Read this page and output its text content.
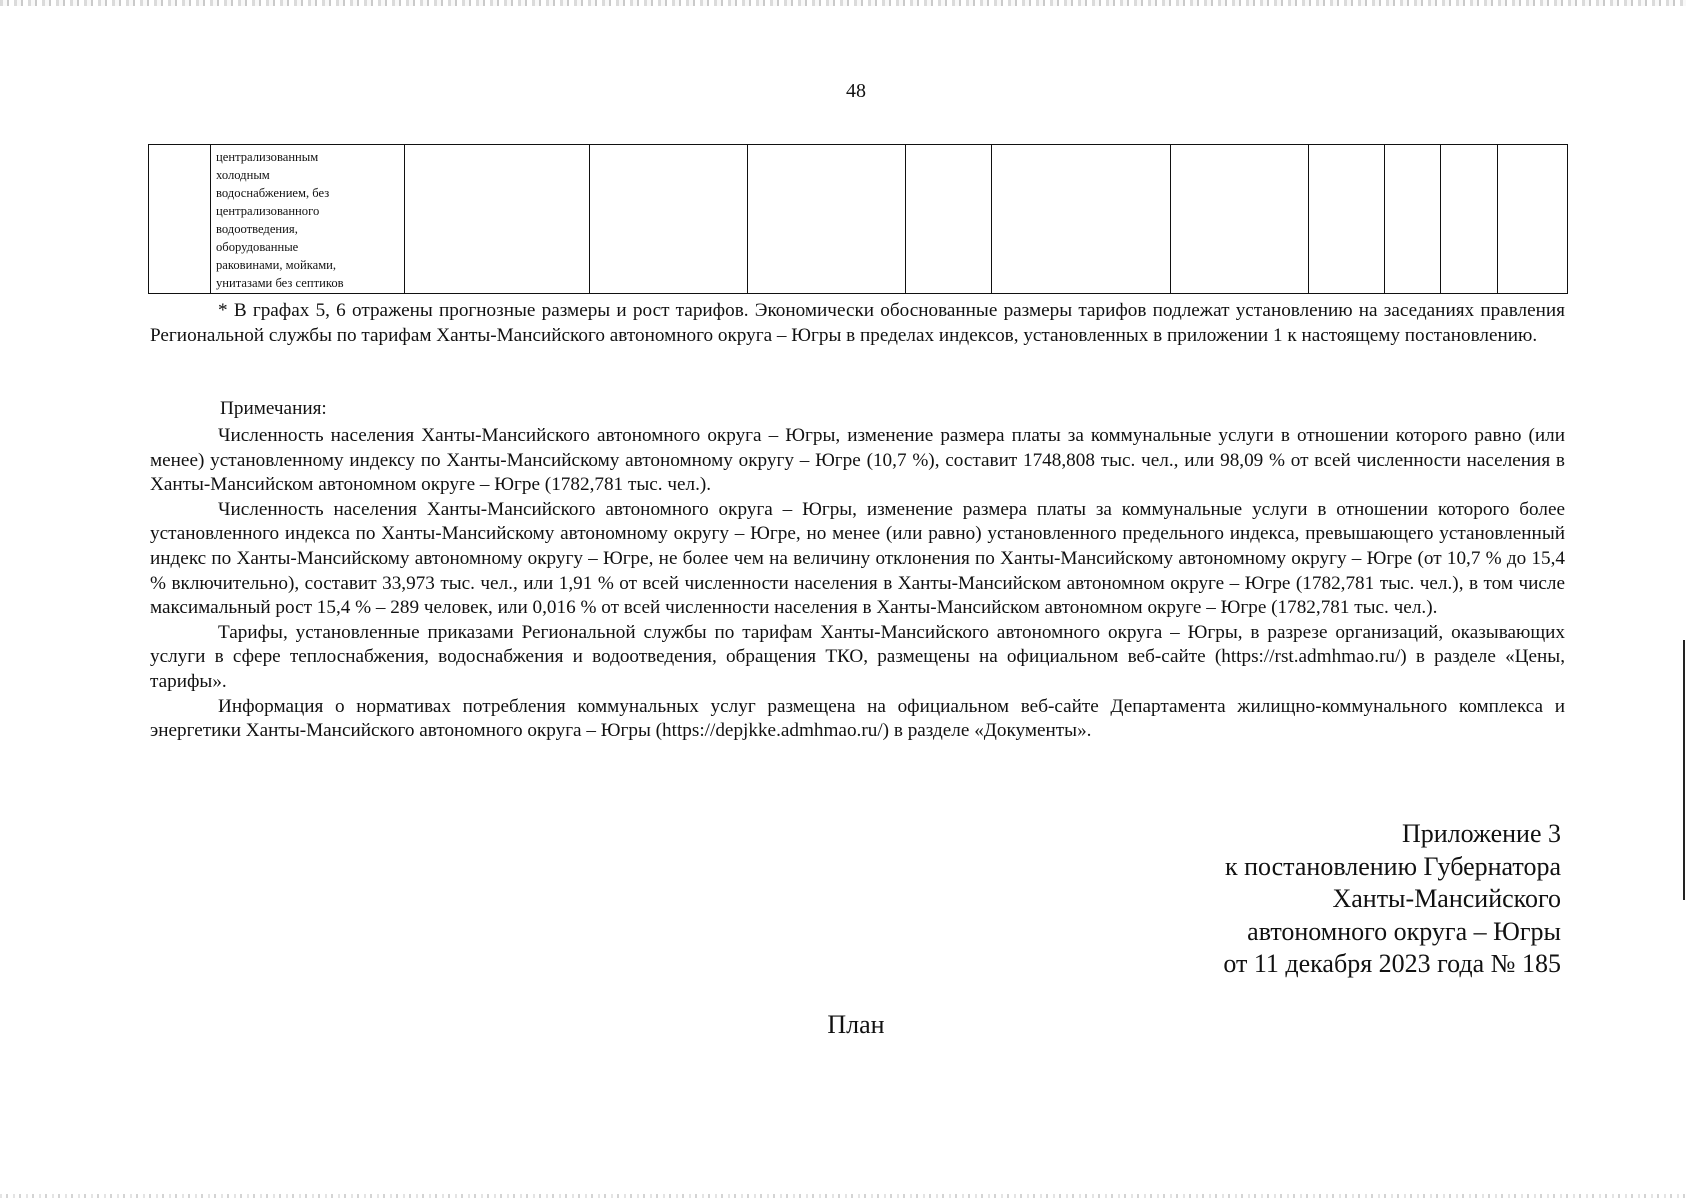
48

централизованным
холодным
водоснабжением, без
централизованного
водоотведения,
оборудованные
раковинами, мойками,
унитазами без септиков

* В графах 5, 6 отражены прогнозные размеры и рост тарифов. Экономически обоснованные размеры тарифов подлежат установлению на заседаниях правления Региональной службы по тарифам Ханты-Мансийского автономного округа – Югры в пределах индексов, установленных в приложении 1 к настоящему постановлению.

Примечания:

Численность населения Ханты-Мансийского автономного округа – Югры, изменение размера платы за коммунальные услуги в отношении которого равно (или менее) установленному индексу по Ханты-Мансийскому автономному округу – Югре (10,7 %), составит 1748,808 тыс. чел., или 98,09 % от всей численности населения в Ханты-Мансийском автономном округе – Югре (1782,781 тыс. чел.).

Численность населения Ханты-Мансийского автономного округа – Югры, изменение размера платы за коммунальные услуги в отношении которого более установленного индекса по Ханты-Мансийскому автономному округу – Югре, но менее (или равно) установленного предельного индекса, превышающего установленный индекс по Ханты-Мансийскому автономному округу – Югре, не более чем на величину отклонения по Ханты-Мансийскому автономному округу – Югре (от 10,7 % до 15,4 % включительно), составит 33,973 тыс. чел., или 1,91 % от всей численности населения в Ханты-Мансийском автономном округе – Югре (1782,781 тыс. чел.), в том числе максимальный рост 15,4 % – 289 человек, или 0,016 % от всей численности населения в Ханты-Мансийском автономном округе – Югре (1782,781 тыс. чел.).

Тарифы, установленные приказами Региональной службы по тарифам Ханты-Мансийского автономного округа – Югры, в разрезе организаций, оказывающих услуги в сфере теплоснабжения, водоснабжения и водоотведения, обращения ТКО, размещены на официальном веб-сайте (https://rst.admhmao.ru/) в разделе «Цены, тарифы».

Информация о нормативах потребления коммунальных услуг размещена на официальном веб-сайте Департамента жилищно-коммунального комплекса и энергетики Ханты-Мансийского автономного округа – Югры (https://depjkke.admhmao.ru/) в разделе «Документы».

Приложение 3
к постановлению Губернатора
Ханты-Мансийского
автономного округа – Югры
от 11 декабря 2023 года № 185
План
